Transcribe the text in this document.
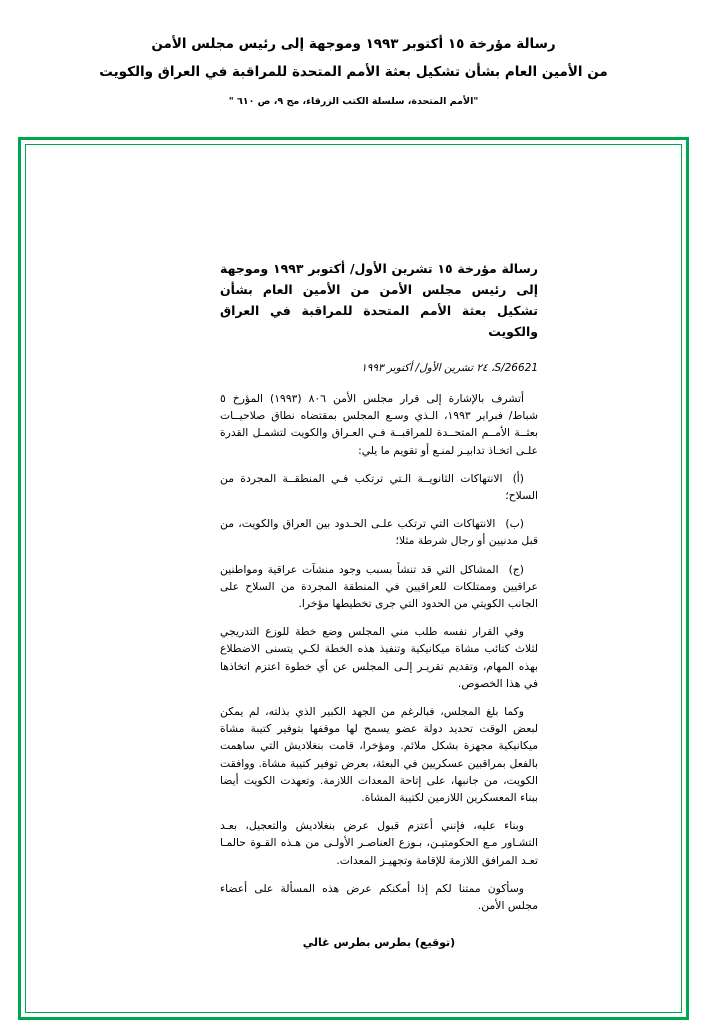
رسالة مؤرخة ١٥ أكتوبر ١٩٩٣ وموجهة إلى رئيس مجلس الأمن
من الأمين العام بشأن تشكيل بعثة الأمم المتحدة للمراقبة في العراق والكويت
"الأمم المتحدة، سلسلة الكتب الزرقاء، مج ٩، ص ٦١٠ "
رسالة مؤرخة ١٥ تشرين الأول/ أكتوبر ١٩٩٣ وموجهة إلى رئيس مجلس الأمن من الأمين العام بشأن تشكيل بعثة الأمم المتحدة للمراقبة في العراق والكويت
S/26621، ٢٤ تشرين الأول/ أكتوبر ١٩٩٣

أتشرف بالإشارة إلى قرار مجلس الأمن ٨٠٦ (١٩٩٣) المؤرخ ٥ شباط/ فبراير ١٩٩٣، الـذي وسـع المجلس بمقتضاه نطاق صلاحيــات بعثــة الأمــم المتحــدة للمراقبــة فـي العـراق والكويت لتشمـل القدرة علـى اتخـاذ تدابيـر لمنـع أو تقويم ما يلي:

(أ)الانتهاكات الثانويــة الـتي ترتكب فـي المنطقــة المجردة من السلاح؛

(ب)الانتهاكات التي ترتكب علـى الحـدود بين العراق والكويت، من قبل مدنيين أو رجال شرطة مثلا؛

(ج)المشاكل التي قد تنشأ بسبب وجود منشآت عراقية ومواطنين عراقيين وممتلكات للعراقيين في المنطقة المجردة من السلاح على الجانب الكويتي من الحدود التي جرى تخطيطها مؤخرا.

وفي القرار نفسه طلب مني المجلس وضع خطة للوزع التدريجي لثلاث كتائب مشاة ميكانيكية وتنفيذ هذه الخطة لكـي يتسنى الاضطلاع بهذه المهام، وتقديم تقريـر إلـى المجلس عن أي خطوة اعتزم اتخاذها في هذا الخصوص.

وكما بلغ المجلس، فبالرغم من الجهد الكبير الذي بذلته، لم يمكن لبعض الوقت تحديد دولة عضو يسمح لها موقفها بتوفير كتيبة مشاة ميكانيكية مجهزة بشكل ملائم. ومؤخرا، قامت بنغلاديش التي ساهمت بالفعل بمراقبين عسكريين في البعثة، بعرض توفير كتيبة مشاة. ووافقت الكويت، من جانبها، على إتاحة المعدات اللازمة. وتعهدت الكويت أيضا ببناء المعسكرين اللازمين لكتيبة المشاة.

وبناء عليه، فإنني أعتزم قبول عرض بنغلاديش والتعجيل، بعـد التشـاور مـع الحكومتيـن، بـوزع العناصـر الأولـى من هـذه القـوة حالمـا تعـد المرافق اللازمة للإقامة وتجهيـز المعدات.

وسأكون ممتنا لكم إذا أمكنكم عرض هذه المسألة على أعضاء مجلس الأمن.

(توقيع) بطرس بطرس غالي
